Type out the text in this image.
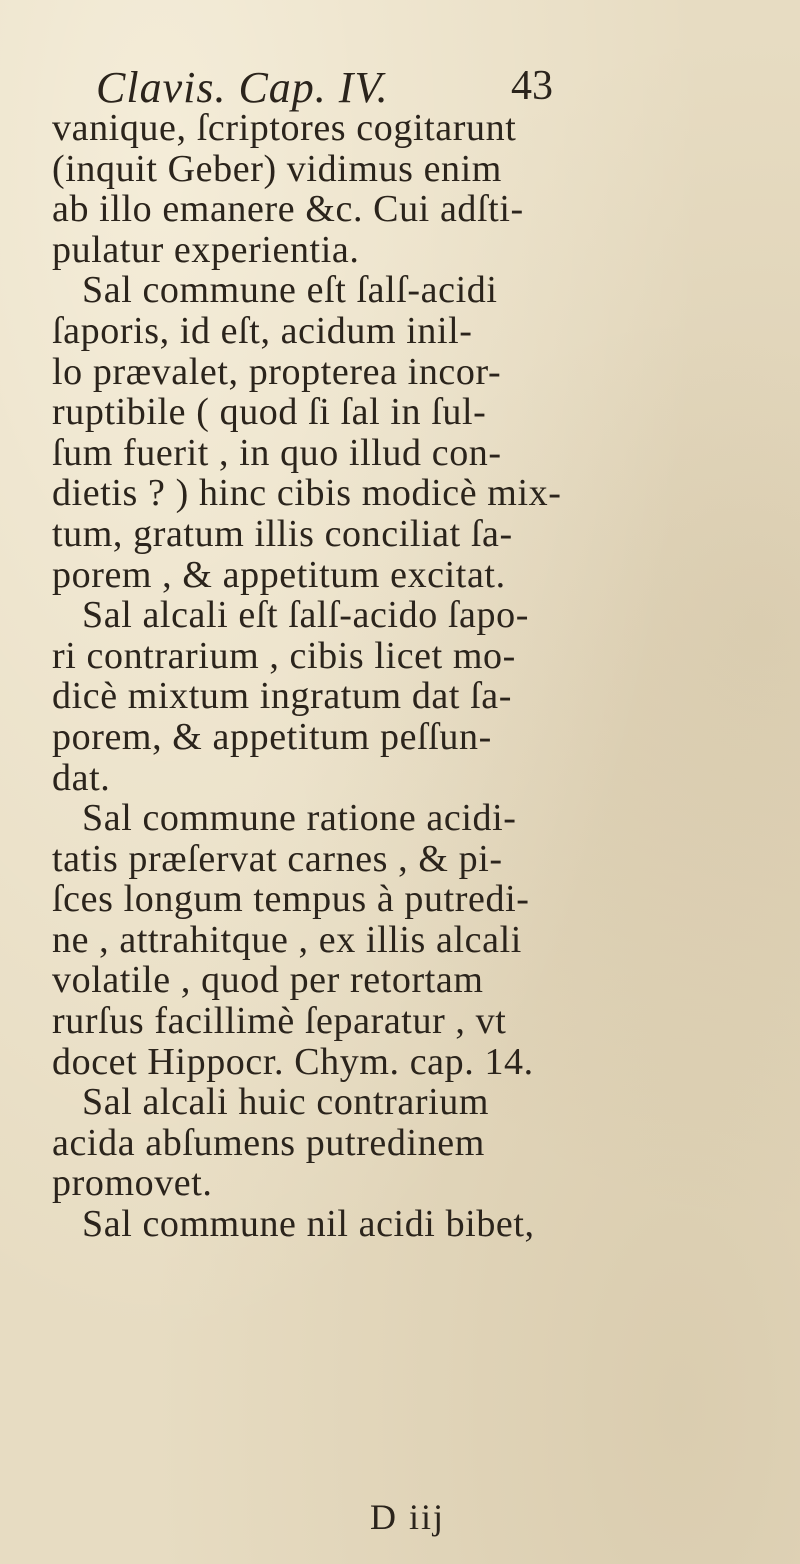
Clavis. Cap. IV.	43
vanique, ſcriptores cogitarunt
(inquit Geber) vidimus enim
ab illo emanere &c. Cui adſti-
pulatur experientia.
Sal commune eſt ſalſ-acidi
ſaporis, id eſt, acidum inil-
lo prævalet, propterea incor-
ruptibile ( quod ſi ſal in ſul-
ſum fuerit , in quo illud con-
dietis ? ) hinc cibis modicè mix-
tum, gratum illis conciliat ſa-
porem , & appetitum excitat.
Sal alcali eſt ſalſ-acido ſapo-
ri contrarium , cibis licet mo-
dicè mixtum ingratum dat ſa-
porem, & appetitum peſſun-
dat.
Sal commune ratione acidi-
tatis præſervat carnes , & pi-
ſces longum tempus à putredi-
ne , attrahitque , ex illis alcali
volatile , quod per retortam
rurſus facillimè ſeparatur , vt
docet Hippocr. Chym. cap. 14.
Sal alcali huic contrarium
acida abſumens putredinem
promovet.
Sal commune nil acidi bibet,
D iij
